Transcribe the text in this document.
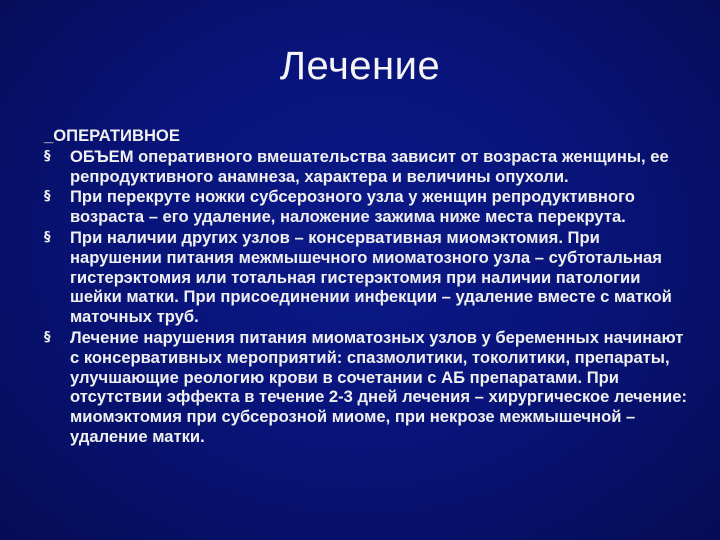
Лечение
_ОПЕРАТИВНОЕ
§ ОБЪЕМ оперативного вмешательства зависит от возраста женщины, ее репродуктивного анамнеза, характера и величины опухоли.
§ При перекруте ножки субсерозного узла у женщин репродуктивного возраста – его удаление, наложение зажима ниже места перекрута.
§ При наличии других узлов – консервативная миомэктомия. При нарушении питания межмышечного миоматозного узла – субтотальная гистерэктомия или тотальная гистерэктомия при наличии патологии шейки матки. При присоединении инфекции – удаление вместе с маткой маточных труб.
§ Лечение нарушения питания миоматозных узлов у беременных начинают с консервативных мероприятий: спазмолитики, токолитики, препараты, улучшающие реологию крови в сочетании с АБ препаратами. При отсутствии эффекта в течение 2-3 дней лечения – хирургическое лечение: миомэктомия при субсерозной миоме, при некрозе межмышечной – удаление матки.
